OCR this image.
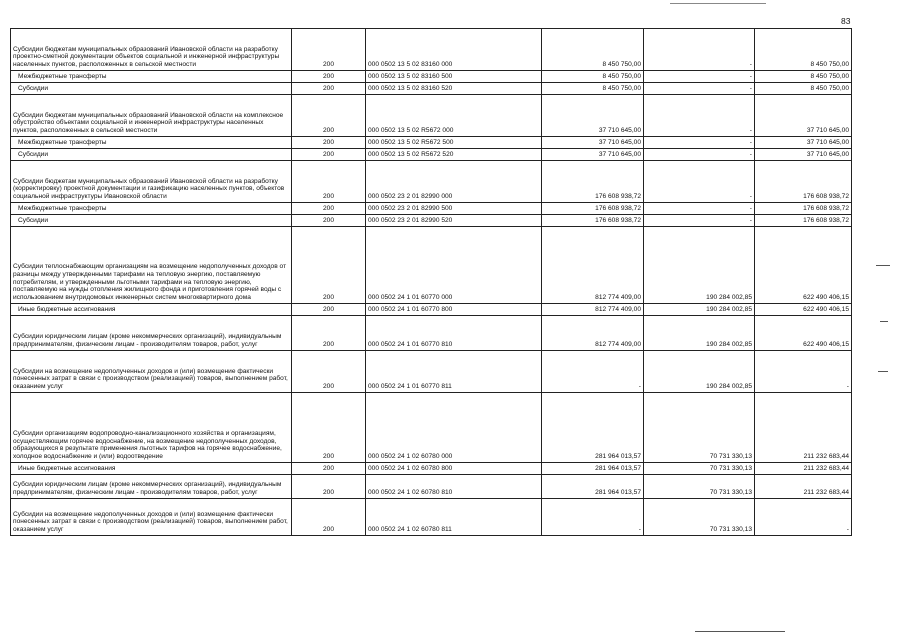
83
Субсидии бюджетам муниципальных образований Ивановской области на разработку проектно-сметной документации объектов социальной и инженерной инфраструктуры населенных пунктов, расположенных в сельской местности	200	000 0502 13 5 02 83160 000	8 450 750,00	-	8 450 750,00
Межбюджетные трансферты	200	000 0502 13 5 02 83160 500	8 450 750,00	-	8 450 750,00
Субсидии	200	000 0502 13 5 02 83160 520	8 450 750,00	-	8 450 750,00
Субсидии бюджетам муниципальных образований Ивановской области на комплексное обустройство объектами социальной и инженерной инфраструктуры населенных пунктов, расположенных в сельской местности	200	000 0502 13 5 02 R5672 000	37 710 645,00	-	37 710 645,00
Межбюджетные трансферты	200	000 0502 13 5 02 R5672 500	37 710 645,00	-	37 710 645,00
Субсидии	200	000 0502 13 5 02 R5672 520	37 710 645,00	-	37 710 645,00
Субсидии бюджетам муниципальных образований Ивановской области на разработку (корректировку) проектной документации и газификацию населенных пунктов, объектов социальной инфраструктуры Ивановской области	200	000 0502 23 2 01 82990 000	176 608 938,72	-	176 608 938,72
Межбюджетные трансферты	200	000 0502 23 2 01 82990 500	176 608 938,72	-	176 608 938,72
Субсидии	200	000 0502 23 2 01 82990 520	176 608 938,72	-	176 608 938,72
Субсидии теплоснабжающим организациям на возмещение недополученных доходов от разницы между утвержденными тарифами на тепловую энергию, поставляемую потребителям, и утвержденными льготными тарифами на тепловую энергию, поставляемую на нужды отопления жилищного фонда и приготовления горячей воды с использованием внутридомовых инженерных систем многоквартирного дома	200	000 0502 24 1 01 60770 000	812 774 409,00	190 284 002,85	622 490 406,15
Иные бюджетные ассигнования	200	000 0502 24 1 01 60770 800	812 774 409,00	190 284 002,85	622 490 406,15
Субсидии юридическим лицам (кроме некоммерческих организаций), индивидуальным предпринимателям, физическим лицам - производителям товаров, работ, услуг	200	000 0502 24 1 01 60770 810	812 774 409,00	190 284 002,85	622 490 406,15
Субсидии на возмещение недополученных доходов и (или) возмещение фактически понесенных затрат в связи с производством (реализацией) товаров, выполнением работ, оказанием услуг	200	000 0502 24 1 01 60770 811	-	190 284 002,85	-
Субсидии организациям водопроводно-канализационного хозяйства и организациям, осуществляющим горячее водоснабжение, на возмещение недополученных доходов, образующихся в результате применения льготных тарифов на горячее водоснабжение, холодное водоснабжение и (или) водоотведение	200	000 0502 24 1 02 60780 000	281 964 013,57	70 731 330,13	211 232 683,44
Иные бюджетные ассигнования	200	000 0502 24 1 02 60780 800	281 964 013,57	70 731 330,13	211 232 683,44
Субсидии юридическим лицам (кроме некоммерческих организаций), индивидуальным предпринимателям, физическим лицам - производителям товаров, работ, услуг	200	000 0502 24 1 02 60780 810	281 964 013,57	70 731 330,13	211 232 683,44
Субсидии на возмещение недополученных доходов и (или) возмещение фактически понесенных затрат в связи с производством (реализацией) товаров, выполнением работ, оказанием услуг	200	000 0502 24 1 02 60780 811	-	70 731 330,13	-
